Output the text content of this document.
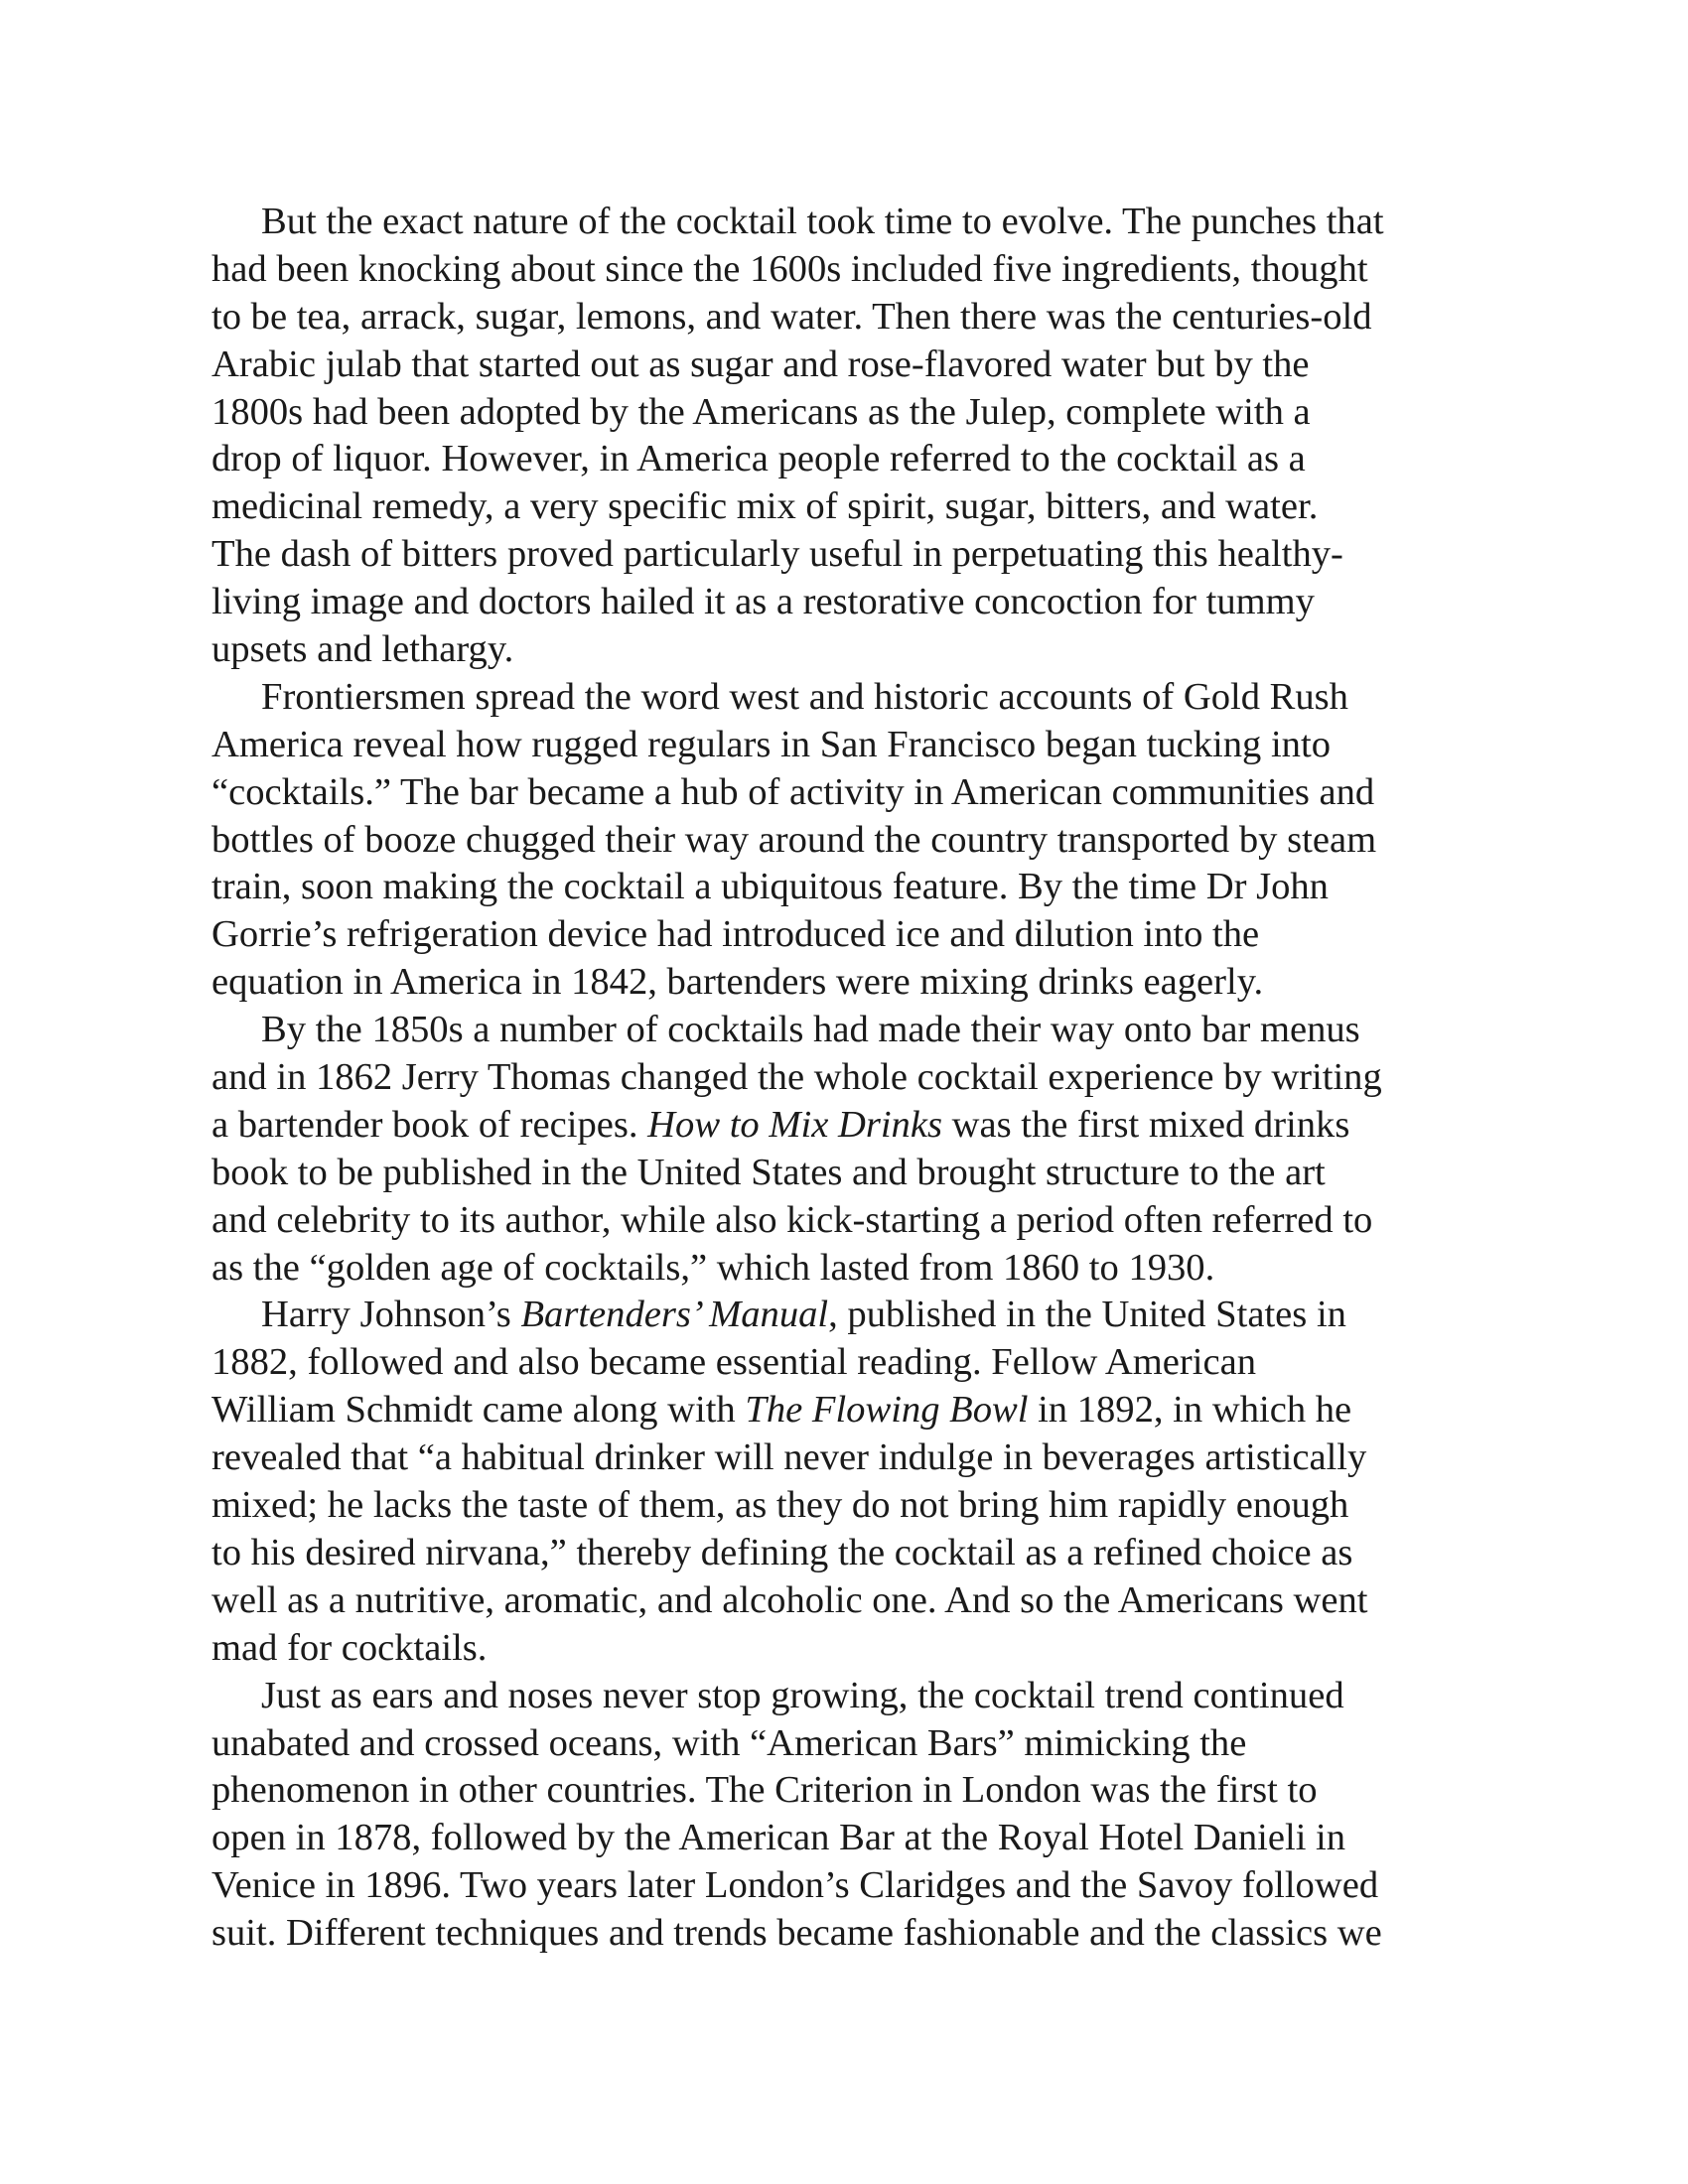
But the exact nature of the cocktail took time to evolve. The punches that
had been knocking about since the 1600s included five ingredients, thought
to be tea, arrack, sugar, lemons, and water. Then there was the centuries-old
Arabic julab that started out as sugar and rose-flavored water but by the
1800s had been adopted by the Americans as the Julep, complete with a
drop of liquor. However, in America people referred to the cocktail as a
medicinal remedy, a very specific mix of spirit, sugar, bitters, and water.
The dash of bitters proved particularly useful in perpetuating this healthy-
living image and doctors hailed it as a restorative concoction for tummy
upsets and lethargy.
Frontiersmen spread the word west and historic accounts of Gold Rush
America reveal how rugged regulars in San Francisco began tucking into
“cocktails.” The bar became a hub of activity in American communities and
bottles of booze chugged their way around the country transported by steam
train, soon making the cocktail a ubiquitous feature. By the time Dr John
Gorrie’s refrigeration device had introduced ice and dilution into the
equation in America in 1842, bartenders were mixing drinks eagerly.
By the 1850s a number of cocktails had made their way onto bar menus
and in 1862 Jerry Thomas changed the whole cocktail experience by writing
a bartender book of recipes. How to Mix Drinks was the first mixed drinks
book to be published in the United States and brought structure to the art
and celebrity to its author, while also kick-starting a period often referred to
as the “golden age of cocktails,” which lasted from 1860 to 1930.
Harry Johnson’s Bartenders’ Manual, published in the United States in
1882, followed and also became essential reading. Fellow American
William Schmidt came along with The Flowing Bowl in 1892, in which he
revealed that “a habitual drinker will never indulge in beverages artistically
mixed; he lacks the taste of them, as they do not bring him rapidly enough
to his desired nirvana,” thereby defining the cocktail as a refined choice as
well as a nutritive, aromatic, and alcoholic one. And so the Americans went
mad for cocktails.
Just as ears and noses never stop growing, the cocktail trend continued
unabated and crossed oceans, with “American Bars” mimicking the
phenomenon in other countries. The Criterion in London was the first to
open in 1878, followed by the American Bar at the Royal Hotel Danieli in
Venice in 1896. Two years later London’s Claridges and the Savoy followed
suit. Different techniques and trends became fashionable and the classics we
